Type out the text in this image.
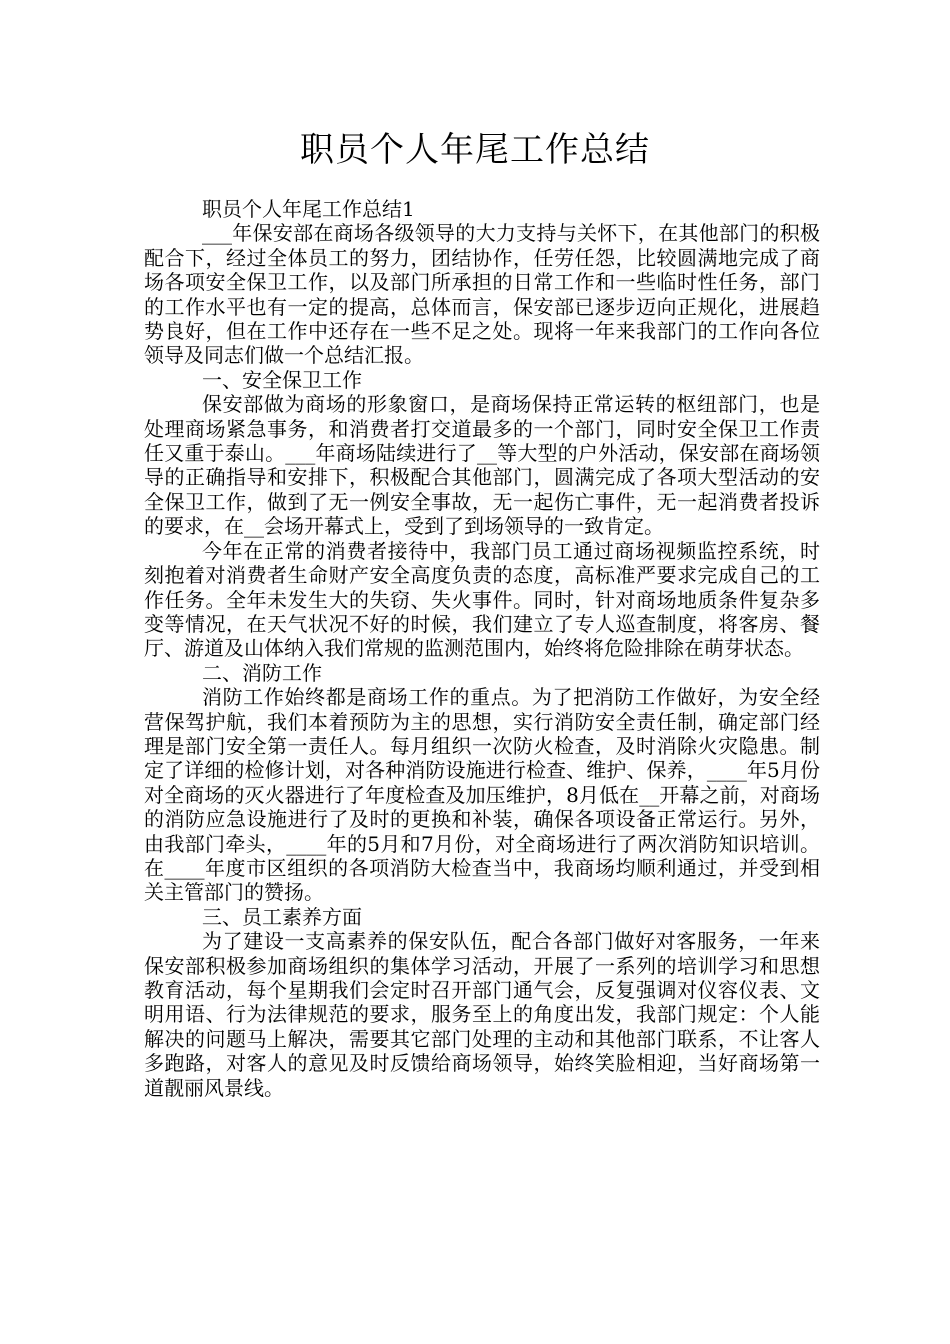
职员个人年尾工作总结

职员个人年尾工作总结1

___年保安部在商场各级领导的大力支持与关怀下，在其他部门的积极配合下，经过全体员工的努力，团结协作，任劳任怨，比较圆满地完成了商场各项安全保卫工作，以及部门所承担的日常工作和一些临时性任务，部门的工作水平也有一定的提高，总体而言，保安部已逐步迈向正规化，进展趋势良好，但在工作中还存在一些不足之处。现将一年来我部门的工作向各位领导及同志们做一个总结汇报。

一、安全保卫工作

保安部做为商场的形象窗口，是商场保持正常运转的枢纽部门，也是处理商场紧急事务，和消费者打交道最多的一个部门，同时安全保卫工作责任又重于泰山。___年商场陆续进行了__等大型的户外活动，保安部在商场领导的正确指导和安排下，积极配合其他部门，圆满完成了各项大型活动的安全保卫工作，做到了无一例安全事故，无一起伤亡事件，无一起消费者投诉的要求，在__会场开幕式上，受到了到场领导的一致肯定。

今年在正常的消费者接待中，我部门员工通过商场视频监控系统，时刻抱着对消费者生命财产安全高度负责的态度，高标准严要求完成自己的工作任务。全年未发生大的失窃、失火事件。同时，针对商场地质条件复杂多变等情况，在天气状况不好的时候，我们建立了专人巡查制度，将客房、餐厅、游道及山体纳入我们常规的监测范围内，始终将危险排除在萌芽状态。

二、消防工作

消防工作始终都是商场工作的重点。为了把消防工作做好，为安全经营保驾护航，我们本着预防为主的思想，实行消防安全责任制，确定部门经理是部门安全第一责任人。每月组织一次防火检查，及时消除火灾隐患。制定了详细的检修计划，对各种消防设施进行检查、维护、保养，____年5月份对全商场的灭火器进行了年度检查及加压维护，8月低在__开幕之前，对商场的消防应急设施进行了及时的更换和补装，确保各项设备正常运行。另外，由我部门牵头，____年的5月和7月份，对全商场进行了两次消防知识培训。在____年度市区组织的各项消防大检查当中，我商场均顺利通过，并受到相关主管部门的赞扬。

三、员工素养方面

为了建设一支高素养的保安队伍，配合各部门做好对客服务，一年来保安部积极参加商场组织的集体学习活动，开展了一系列的培训学习和思想教育活动，每个星期我们会定时召开部门通气会，反复强调对仪容仪表、文明用语、行为法律规范的要求，服务至上的角度出发，我部门规定：个人能解决的问题马上解决，需要其它部门处理的主动和其他部门联系，不让客人多跑路，对客人的意见及时反馈给商场领导，始终笑脸相迎，当好商场第一道靓丽风景线。
